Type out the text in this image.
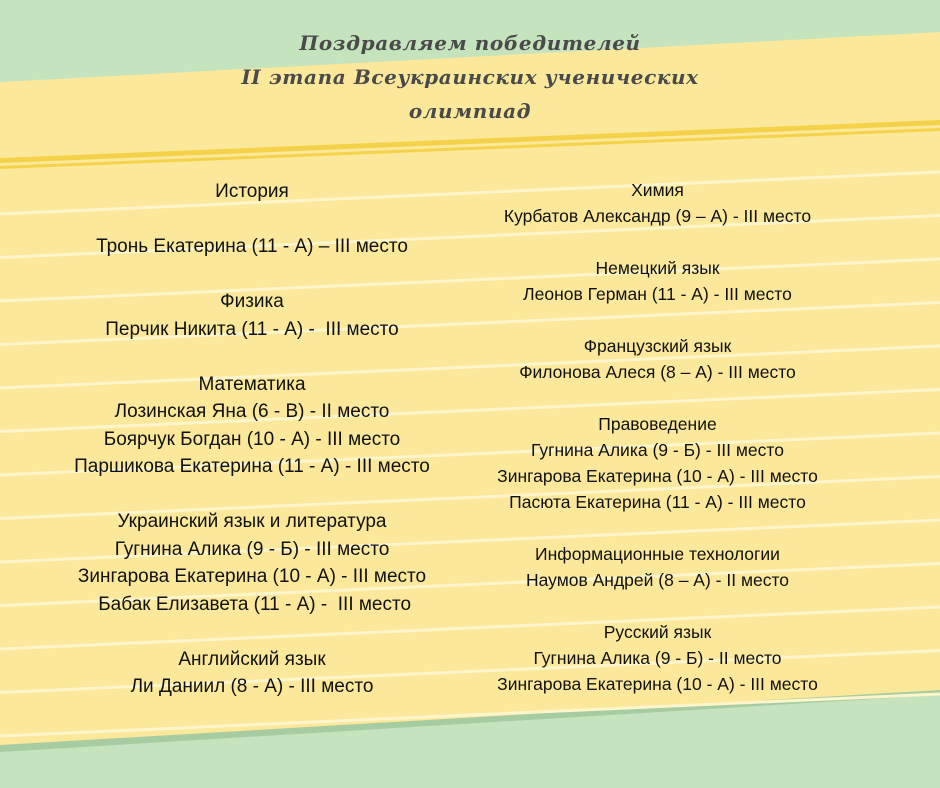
Поздравляем победителей
II этапа Всеукраинских ученических
олимпиад
История
Тронь Екатерина (11 - А) – III место
Физика
Перчик Никита (11 - А) -  III место
Математика
Лозинская Яна (6 - В) - II место
Боярчук Богдан (10 - А) - III место
Паршикова Екатерина (11 - А) - III место
Украинский язык и литература
Гугнина Алика (9 - Б) - III место
Зингарова Екатерина (10 - А) - III место
Бабак Елизавета (11 - А) -  III место
Английский язык
Ли Даниил (8 - А) - III место
Химия
Курбатов Александр (9 – А) - III место
Немецкий язык
Леонов Герман (11 - А) - III место
Французский язык
Филонова Алеся (8 – А) - III место
Правоведение
Гугнина Алика (9 - Б) - III место
Зингарова Екатерина (10 - А) - III место
Пасюта Екатерина (11 - А) - III место
Информационные технологии
Наумов Андрей (8 – А) - II место
Русский язык
Гугнина Алика (9 - Б) - II место
Зингарова Екатерина (10 - А) - III место
